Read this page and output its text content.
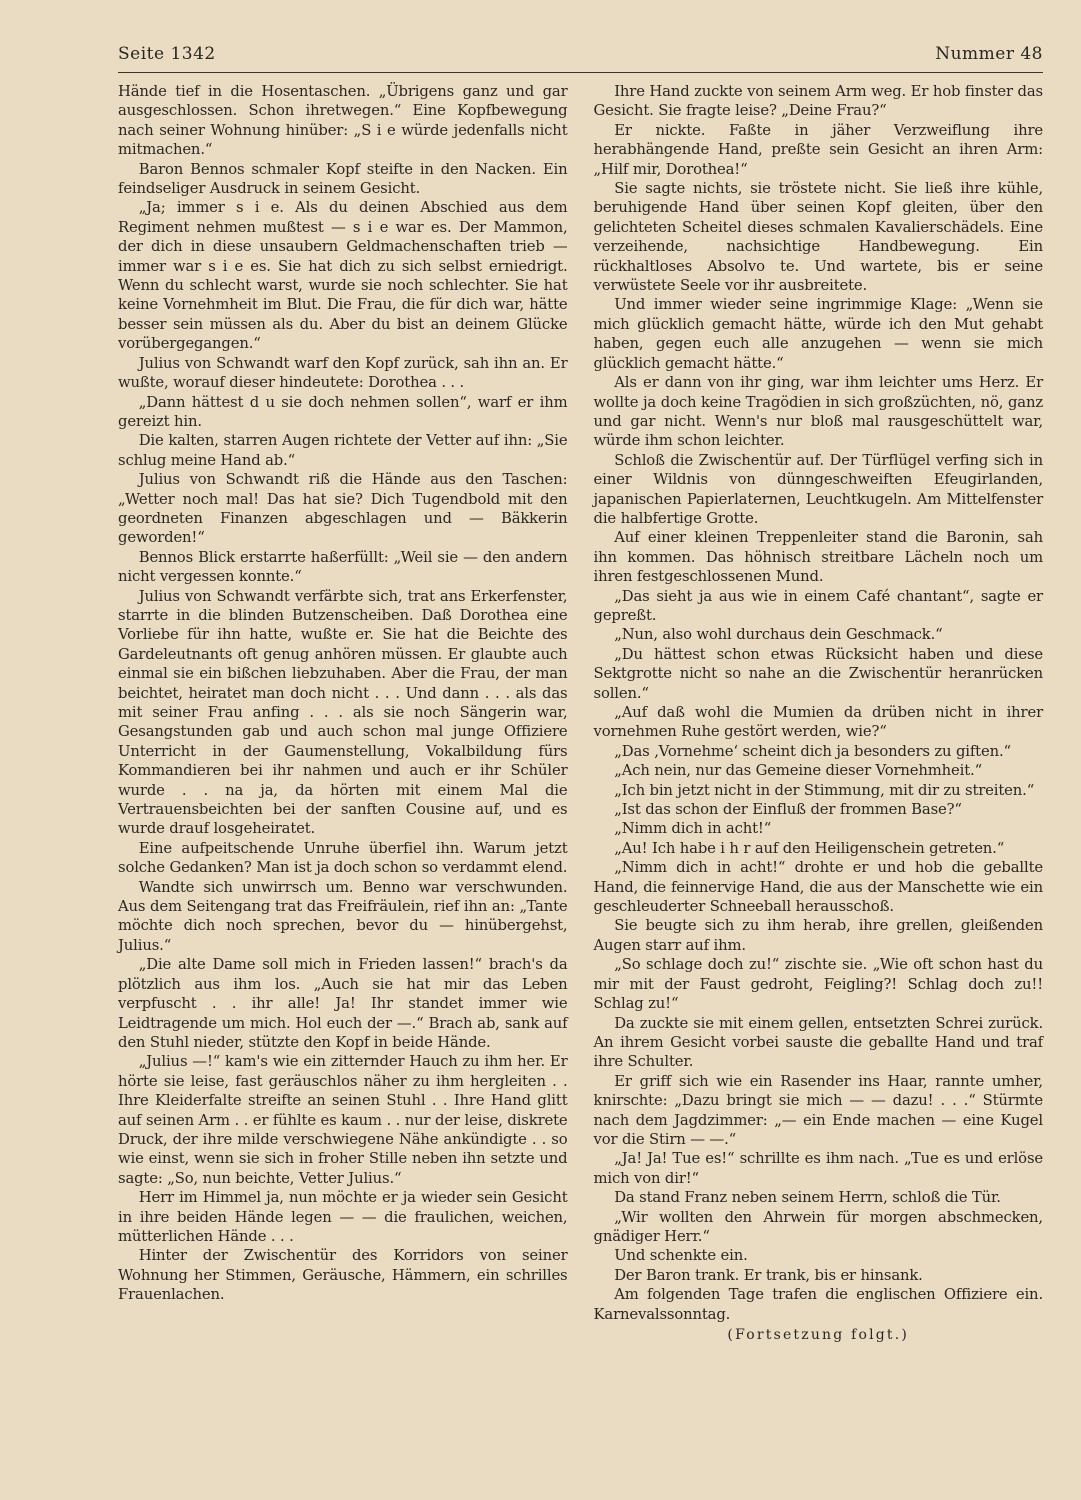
Seite 1342	Nummer 48

Hände tief in die Hosentaschen. „Übrigens ganz und gar ausgeschlossen. Schon ihretwegen.“ Eine Kopfbewegung nach seiner Wohnung hinüber: „S i e würde jedenfalls nicht mitmachen.“

Baron Bennos schmaler Kopf steifte in den Nacken. Ein feindseliger Ausdruck in seinem Gesicht.

„Ja; immer s i e. Als du deinen Abschied aus dem Regiment nehmen mußtest — s i e war es. Der Mammon, der dich in diese unsaubern Geldmachenschaften trieb — immer war s i e es. Sie hat dich zu sich selbst erniedrigt. Wenn du schlecht warst, wurde sie noch schlechter. Sie hat keine Vornehmheit im Blut. Die Frau, die für dich war, hätte besser sein müssen als du. Aber du bist an deinem Glücke vorübergegangen.“

Julius von Schwandt warf den Kopf zurück, sah ihn an. Er wußte, worauf dieser hindeutete: Dorothea . . .

„Dann hättest d u sie doch nehmen sollen“, warf er ihm gereizt hin.

Die kalten, starren Augen richtete der Vetter auf ihn: „Sie schlug meine Hand ab.“

Julius von Schwandt riß die Hände aus den Taschen: „Wetter noch mal! Das hat sie? Dich Tugendbold mit den geordneten Finanzen abgeschlagen und — Bäkkerin geworden!“

Bennos Blick erstarrte haßerfüllt: „Weil sie — den andern nicht vergessen konnte.“

Julius von Schwandt verfärbte sich, trat ans Erkerfenster, starrte in die blinden Butzenscheiben. Daß Dorothea eine Vorliebe für ihn hatte, wußte er. Sie hat die Beichte des Gardeleutnants oft genug anhören müssen. Er glaubte auch einmal sie ein bißchen liebzuhaben. Aber die Frau, der man beichtet, heiratet man doch nicht . . . Und dann . . . als das mit seiner Frau anfing . . . als sie noch Sängerin war, Gesangstunden gab und auch schon mal junge Offiziere Unterricht in der Gaumenstellung, Vokalbildung fürs Kommandieren bei ihr nahmen und auch er ihr Schüler wurde . . na ja, da hörten mit einem Mal die Vertrauensbeichten bei der sanften Cousine auf, und es wurde drauf losgeheiratet.

Eine aufpeitschende Unruhe überfiel ihn. Warum jetzt solche Gedanken? Man ist ja doch schon so verdammt elend.

Wandte sich unwirrsch um. Benno war verschwunden. Aus dem Seitengang trat das Freifräulein, rief ihn an: „Tante möchte dich noch sprechen, bevor du — hinübergehst, Julius.“

„Die alte Dame soll mich in Frieden lassen!“ brach's da plötzlich aus ihm los. „Auch sie hat mir das Leben verpfuscht . . ihr alle! Ja! Ihr standet immer wie Leidtragende um mich. Hol euch der —.“ Brach ab, sank auf den Stuhl nieder, stützte den Kopf in beide Hände.

„Julius —!“ kam's wie ein zitternder Hauch zu ihm her. Er hörte sie leise, fast geräuschlos näher zu ihm hergleiten . . Ihre Kleiderfalte streifte an seinen Stuhl . . Ihre Hand glitt auf seinen Arm . . er fühlte es kaum . . nur der leise, diskrete Druck, der ihre milde verschwiegene Nähe ankündigte . . so wie einst, wenn sie sich in froher Stille neben ihn setzte und sagte: „So, nun beichte, Vetter Julius.“

Herr im Himmel ja, nun möchte er ja wieder sein Gesicht in ihre beiden Hände legen — — die fraulichen, weichen, mütterlichen Hände . . .

Hinter der Zwischentür des Korridors von seiner Wohnung her Stimmen, Geräusche, Hämmern, ein schrilles Frauenlachen.

Ihre Hand zuckte von seinem Arm weg. Er hob finster das Gesicht. Sie fragte leise? „Deine Frau?“

Er nickte. Faßte in jäher Verzweiflung ihre herabhängende Hand, preßte sein Gesicht an ihren Arm: „Hilf mir, Dorothea!“

Sie sagte nichts, sie tröstete nicht. Sie ließ ihre kühle, beruhigende Hand über seinen Kopf gleiten, über den gelichteten Scheitel dieses schmalen Kavalierschädels. Eine verzeihende, nachsichtige Handbewegung. Ein rückhaltloses Absolvo te. Und wartete, bis er seine verwüstete Seele vor ihr ausbreitete.

Und immer wieder seine ingrimmige Klage: „Wenn sie mich glücklich gemacht hätte, würde ich den Mut gehabt haben, gegen euch alle anzugehen — wenn sie mich glücklich gemacht hätte.“

Als er dann von ihr ging, war ihm leichter ums Herz. Er wollte ja doch keine Tragödien in sich großzüchten, nö, ganz und gar nicht. Wenn's nur bloß mal rausgeschüttelt war, würde ihm schon leichter.

Schloß die Zwischentür auf. Der Türflügel verfing sich in einer Wildnis von dünngeschweiften Efeugirlanden, japanischen Papierlaternen, Leuchtkugeln. Am Mittelfenster die halbfertige Grotte.

Auf einer kleinen Treppenleiter stand die Baronin, sah ihn kommen. Das höhnisch streitbare Lächeln noch um ihren festgeschlossenen Mund.

„Das sieht ja aus wie in einem Café chantant“, sagte er gepreßt.

„Nun, also wohl durchaus dein Geschmack.“

„Du hättest schon etwas Rücksicht haben und diese Sektgrotte nicht so nahe an die Zwischentür heranrücken sollen.“

„Auf daß wohl die Mumien da drüben nicht in ihrer vornehmen Ruhe gestört werden, wie?“

„Das ‚Vornehme‘ scheint dich ja besonders zu giften.“

„Ach nein, nur das Gemeine dieser Vornehmheit.“

„Ich bin jetzt nicht in der Stimmung, mit dir zu streiten.“

„Ist das schon der Einfluß der frommen Base?“

„Nimm dich in acht!“

„Au! Ich habe i h r auf den Heiligenschein getreten.“

„Nimm dich in acht!“ drohte er und hob die geballte Hand, die feinnervige Hand, die aus der Manschette wie ein geschleuderter Schneeball herausschoß.

Sie beugte sich zu ihm herab, ihre grellen, gleißenden Augen starr auf ihm.

„So schlage doch zu!“ zischte sie. „Wie oft schon hast du mir mit der Faust gedroht, Feigling?! Schlag doch zu!! Schlag zu!“

Da zuckte sie mit einem gellen, entsetzten Schrei zurück. An ihrem Gesicht vorbei sauste die geballte Hand und traf ihre Schulter.

Er griff sich wie ein Rasender ins Haar, rannte umher, knirschte: „Dazu bringt sie mich — — dazu! . . .“ Stürmte nach dem Jagdzimmer: „— ein Ende machen — eine Kugel vor die Stirn — —.“

„Ja! Ja! Tue es!“ schrillte es ihm nach. „Tue es und erlöse mich von dir!“

Da stand Franz neben seinem Herrn, schloß die Tür.

„Wir wollten den Ahrwein für morgen abschmecken, gnädiger Herr.“

Und schenkte ein.

Der Baron trank. Er trank, bis er hinsank.

Am folgenden Tage trafen die englischen Offiziere ein. Karnevalssonntag.

(Fortsetzung folgt.)
